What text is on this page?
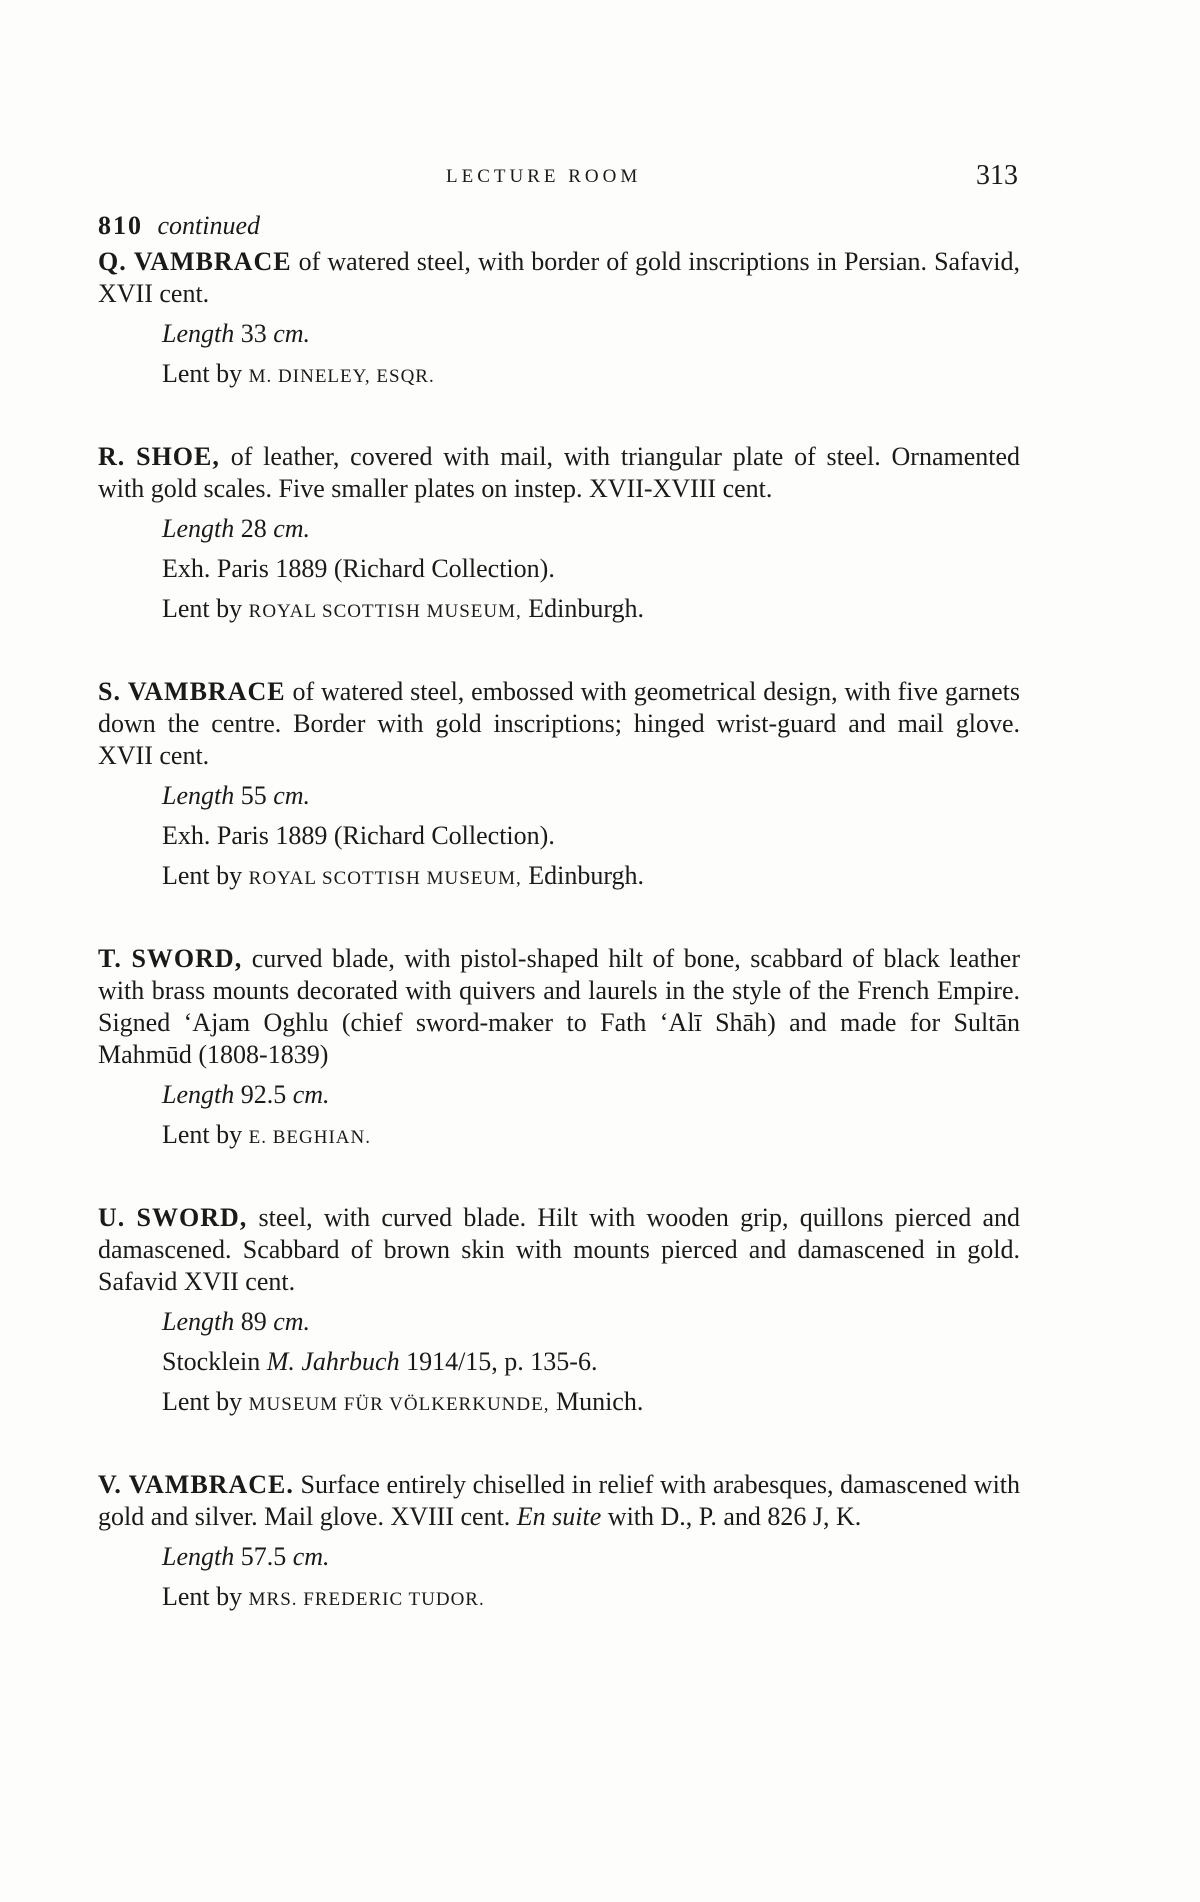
LECTURE ROOM	313

810 continued

Q. VAMBRACE of watered steel, with border of gold inscriptions in Persian. Safavid, XVII cent.

Length 33 cm.
Lent by M. DINELEY, ESQR.

R. SHOE, of leather, covered with mail, with triangular plate of steel. Ornamented with gold scales. Five smaller plates on instep. XVII-XVIII cent.

Length 28 cm.
Exh. Paris 1889 (Richard Collection).
Lent by ROYAL SCOTTISH MUSEUM, Edinburgh.

S. VAMBRACE of watered steel, embossed with geometrical design, with five garnets down the centre. Border with gold inscriptions; hinged wrist-guard and mail glove. XVII cent.

Length 55 cm.
Exh. Paris 1889 (Richard Collection).
Lent by ROYAL SCOTTISH MUSEUM, Edinburgh.

T. SWORD, curved blade, with pistol-shaped hilt of bone, scabbard of black leather with brass mounts decorated with quivers and laurels in the style of the French Empire. Signed ‘Ajam Oghlu (chief sword-maker to Fath ‘Alī Shāh) and made for Sultān Mahmūd (1808-1839)

Length 92.5 cm.
Lent by E. BEGHIAN.

U. SWORD, steel, with curved blade. Hilt with wooden grip, quillons pierced and damascened. Scabbard of brown skin with mounts pierced and damascened in gold. Safavid XVII cent.

Length 89 cm.
Stocklein M. Jahrbuch 1914/15, p. 135-6.
Lent by MUSEUM FÜR VÖLKERKUNDE, Munich.

V. VAMBRACE. Surface entirely chiselled in relief with arabesques, damascened with gold and silver. Mail glove. XVIII cent. En suite with D., P. and 826 J, K.

Length 57.5 cm.
Lent by MRS. FREDERIC TUDOR.
